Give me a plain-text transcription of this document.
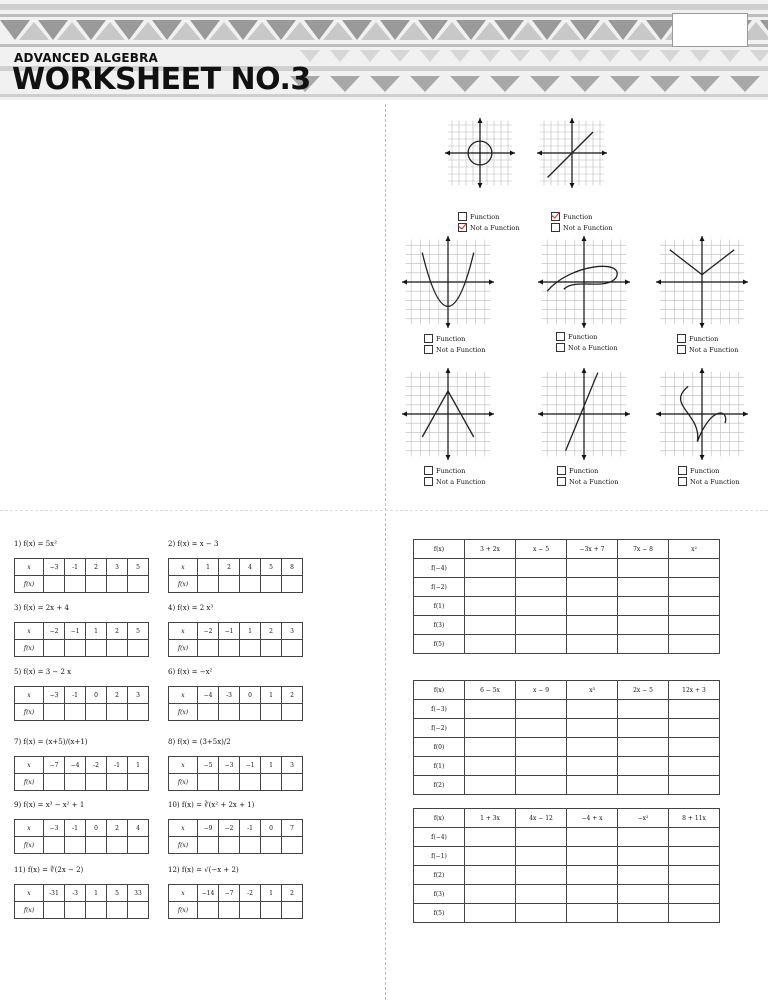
ADVANCED ALGEBRA
WORKSHEET NO.3
Function
Not a Function
Function
Not a Function
Function
Not a Function
Function
Not a Function
Function
Not a Function
Function
Not a Function
Function
Not a Function
Function
Not a Function
1) f(x) = 5x²
x	−3	-1	2	3	5
f(x)					
2) f(x) = x − 3
x	1	2	4	5	8
f(x)					
3) f(x) = 2x + 4
x	−2	−1	1	2	5
f(x)					
4) f(x) = 2 x³
x	−2	−1	1	2	3
f(x)					
5) f(x) = 3 − 2 x
x	−3	-1	0	2	3
f(x)					
6) f(x) = −x²
x	−4	-3	0	1	2
f(x)					
7) f(x) = (x+5)/(x+1)
x	−7	−4	-2	-1	1
f(x)					
8) f(x) = (3+5x)/2
x	−5	−3	−1	1	3
f(x)					
9) f(x) = x³ − x² + 1
x	−3	-1	0	2	4
f(x)					
10) f(x) = ∛(x² + 2x + 1)
x	−9	−2	-1	0	7
f(x)					
11) f(x) = ∜(2x − 2)
x	-31	-3	1	5	33
f(x)					
12) f(x) = √(−x + 2)
x	−14	−7	-2	1	2
f(x)					
f(x)	3 + 2x	x − 5	−3x + 7	7x − 8	x²
f(−4)					
f(−2)					
f(1)					
f(3)					
f(5)					
f(x)	6 − 5x	x − 9	x³	2x − 5	12x + 3
f(−3)					
f(−2)					
f(0)					
f(1)					
f(2)					
f(x)	1 + 3x	4x − 12	−4 + x	−x²	8 + 11x
f(−4)					
f(−1)					
f(2)					
f(3)					
f(5)					
